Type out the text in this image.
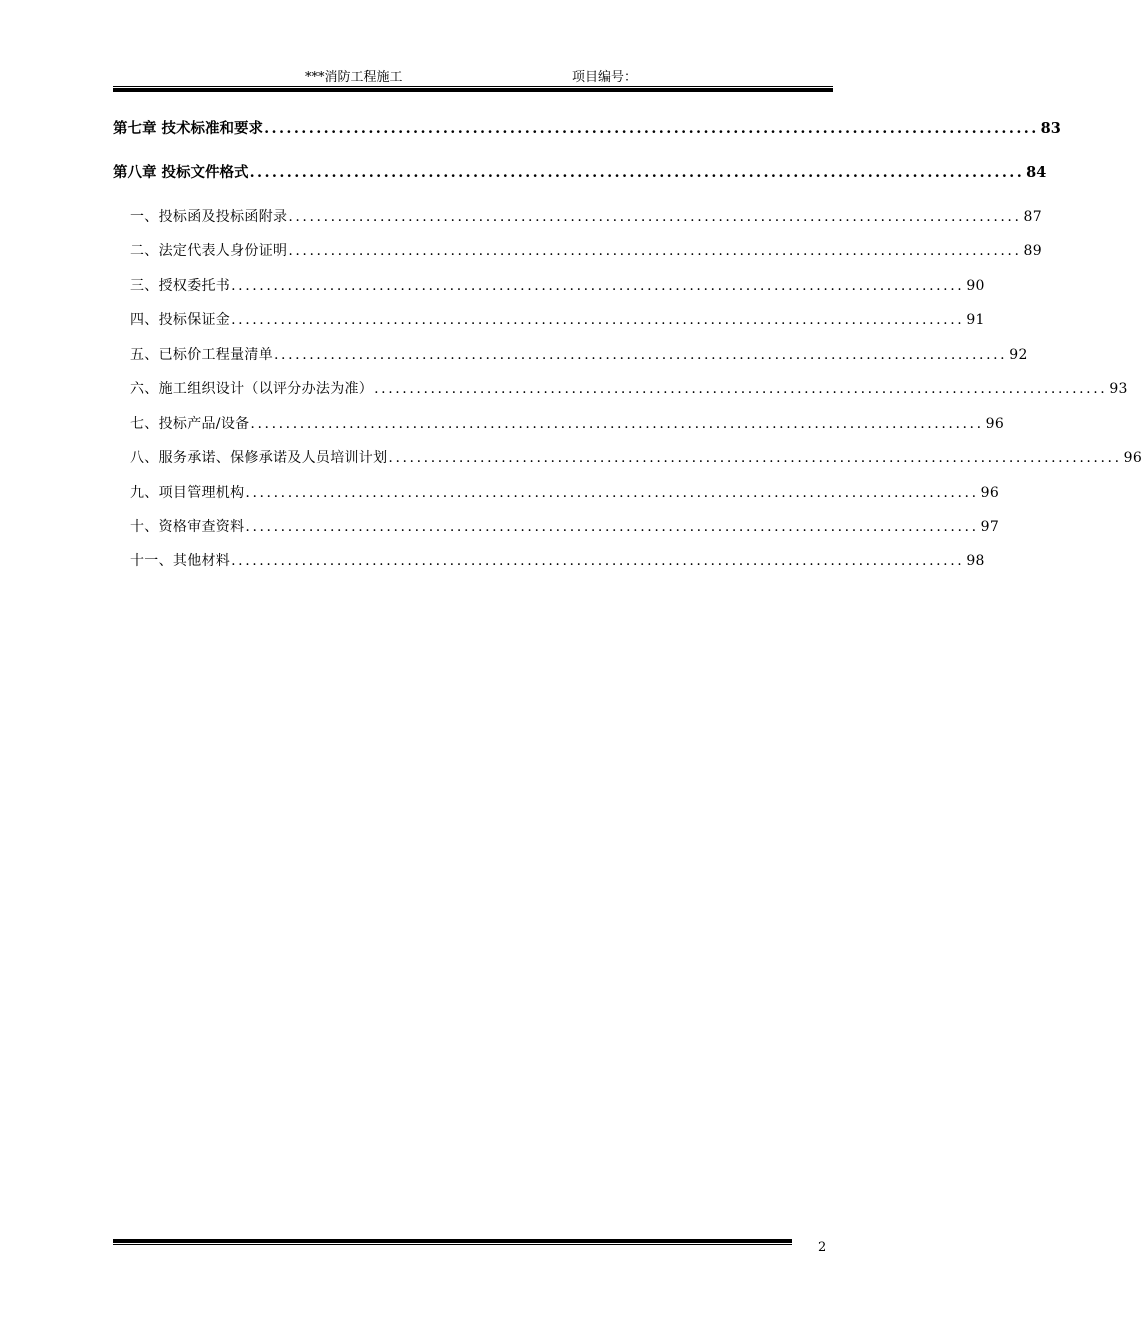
***消防工程施工	项目编号：
第七章 技术标准和要求 ........................................................................................................ 83
第八章 投标文件格式 ........................................................................................................ 84
一、投标函及投标函附录 ........................................................................................................ 87
二、法定代表人身份证明 ........................................................................................................ 89
三、授权委托书 ........................................................................................................ 90
四、投标保证金 ........................................................................................................ 91
五、已标价工程量清单 ........................................................................................................ 92
六、施工组织设计（以评分办法为准） ........................................................................................................ 93
七、投标产品/设备 ........................................................................................................ 96
八、服务承诺、保修承诺及人员培训计划 ........................................................................................................ 96
九、项目管理机构 ........................................................................................................ 96
十、资格审查资料 ........................................................................................................ 97
十一、其他材料 ........................................................................................................ 98
2
